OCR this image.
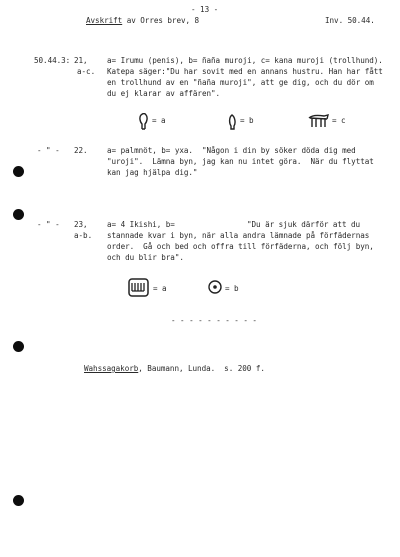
- 13 -
Avskrift av Orres brev, 8	Inv. 50.44.
50.44.3: 21,
a-c.
a= Irumu (penis), b= ñaña muroji, c= kana muroji (trollhund).
Katepa säger:"Du har sovit med en annans hustru. Han har fått
en trollhund av en "ñaña muroji", att ge dig, och du dör om
du ej klarar av affären".
= a	= b	= c
- " - 22.	a= palmnöt, b= yxa.  "Någon i din by söker döda dig med
"uroji".  Lämna byn, jag kan nu intet göra.  När du flyttat
kan jag hjälpa dig."
- " - 23,
a-b.
a= 4 Ikishi, b=	"Du är sjuk därför att du
stannade kvar i byn, när alla andra lämnade på förfädernas
order.  Gå och bed och offra till förfäderna, och följ byn,
och du blir bra".
= a	= b
- - - - - - - - - -
Wahssagakorb, Baumann, Lunda.  s. 200 f.
